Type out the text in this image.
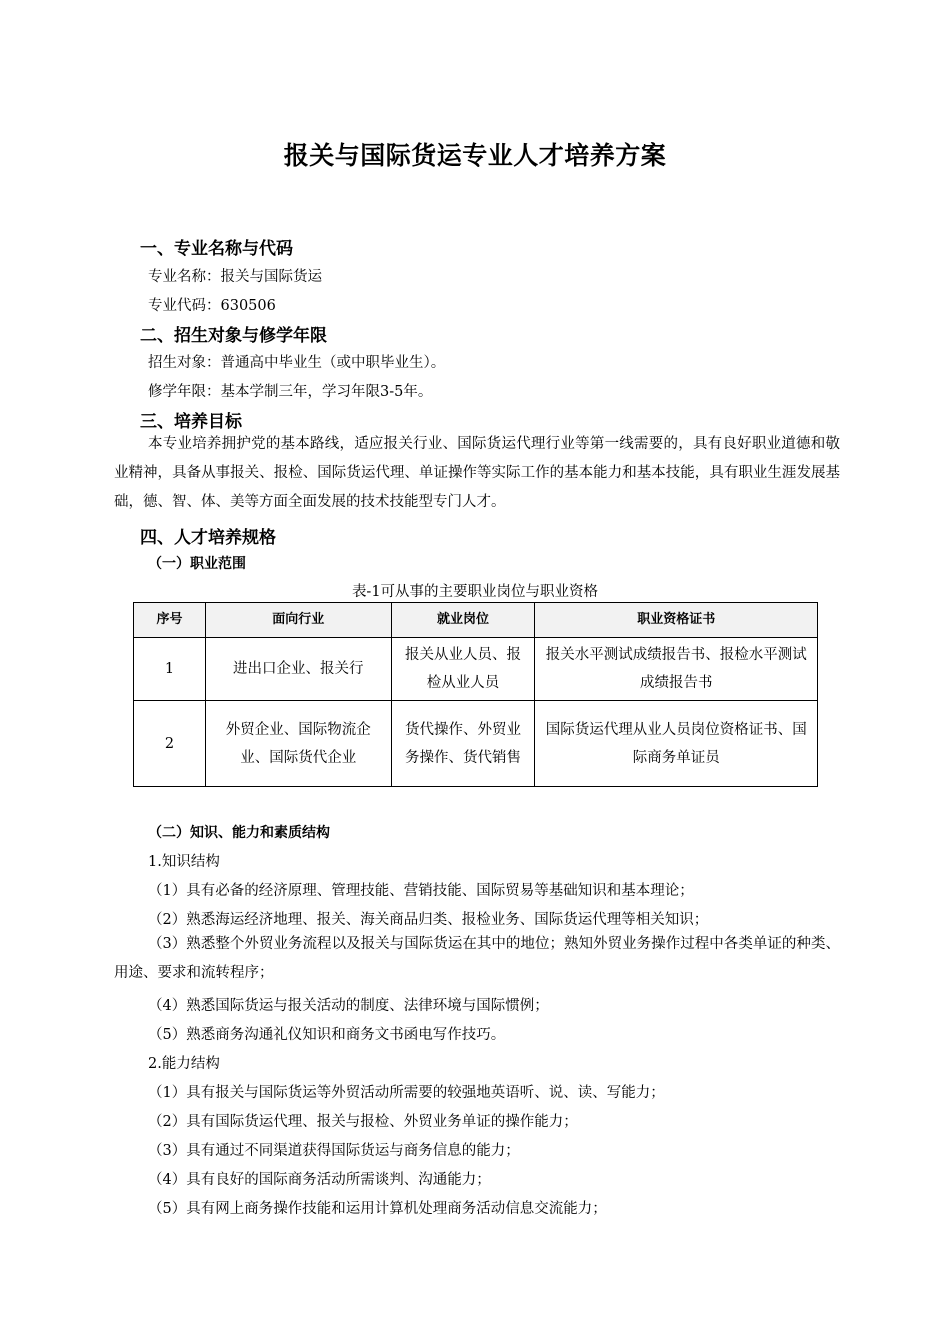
报关与国际货运专业人才培养方案
一、专业名称与代码
专业名称：报关与国际货运
专业代码：630506
二、招生对象与修学年限
招生对象：普通高中毕业生（或中职毕业生）。
修学年限：基本学制三年，学习年限3-5年。
三、培养目标
本专业培养拥护党的基本路线，适应报关行业、国际货运代理行业等第一线需要的，具有良好职业道德和敬业精神，具备从事报关、报检、国际货运代理、单证操作等实际工作的基本能力和基本技能，具有职业生涯发展基础，德、智、体、美等方面全面发展的技术技能型专门人才。
四、人才培养规格
（一）职业范围
表-1可从事的主要职业岗位与职业资格
序号	面向行业	就业岗位	职业资格证书
1	进出口企业、报关行	报关从业人员、报检从业人员	报关水平测试成绩报告书、报检水平测试成绩报告书
2	外贸企业、国际物流企业、国际货代企业	货代操作、外贸业务操作、货代销售	国际货运代理从业人员岗位资格证书、国际商务单证员
（二）知识、能力和素质结构
1.知识结构
（1）具有必备的经济原理、管理技能、营销技能、国际贸易等基础知识和基本理论；
（2）熟悉海运经济地理、报关、海关商品归类、报检业务、国际货运代理等相关知识；
（3）熟悉整个外贸业务流程以及报关与国际货运在其中的地位；熟知外贸业务操作过程中各类单证的种类、用途、要求和流转程序；
（4）熟悉国际货运与报关活动的制度、法律环境与国际惯例；
（5）熟悉商务沟通礼仪知识和商务文书函电写作技巧。
2.能力结构
（1）具有报关与国际货运等外贸活动所需要的较强地英语听、说、读、写能力；
（2）具有国际货运代理、报关与报检、外贸业务单证的操作能力；
（3）具有通过不同渠道获得国际货运与商务信息的能力；
（4）具有良好的国际商务活动所需谈判、沟通能力；
（5）具有网上商务操作技能和运用计算机处理商务活动信息交流能力；
